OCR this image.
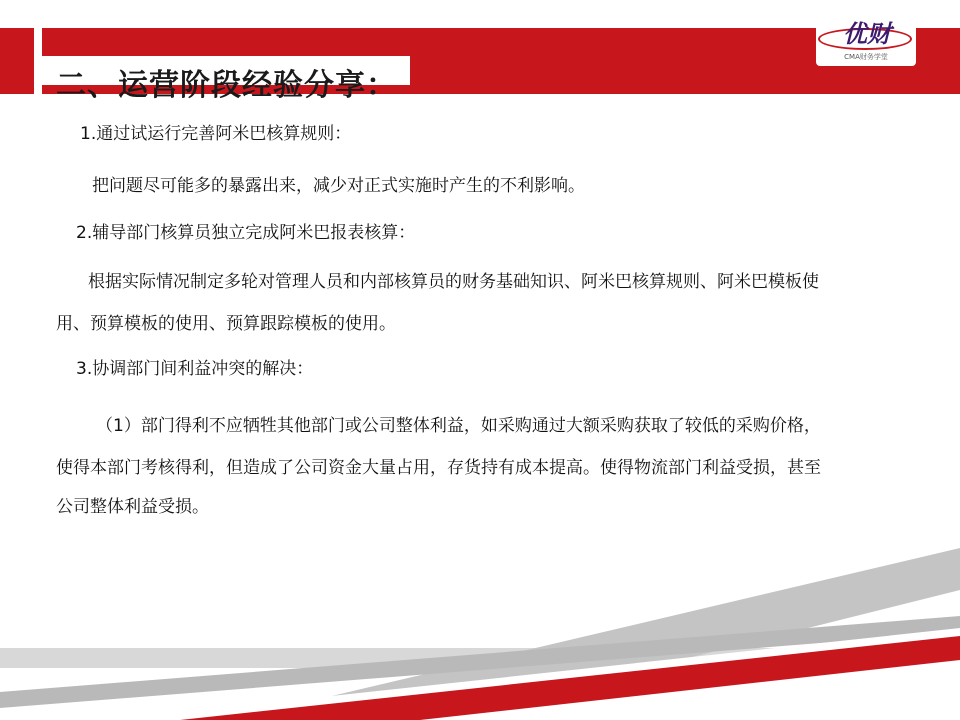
二、运营阶段经验分享：
优财
CMA财务学堂
1.通过试运行完善阿米巴核算规则：
把问题尽可能多的暴露出来，减少对正式实施时产生的不利影响。
2.辅导部门核算员独立完成阿米巴报表核算：
根据实际情况制定多轮对管理人员和内部核算员的财务基础知识、阿米巴核算规则、阿米巴模板使
用、预算模板的使用、预算跟踪模板的使用。
3.协调部门间利益冲突的解决：
（1）部门得利不应牺牲其他部门或公司整体利益，如采购通过大额采购获取了较低的采购价格，
使得本部门考核得利，但造成了公司资金大量占用，存货持有成本提高。使得物流部门利益受损，甚至
公司整体利益受损。
